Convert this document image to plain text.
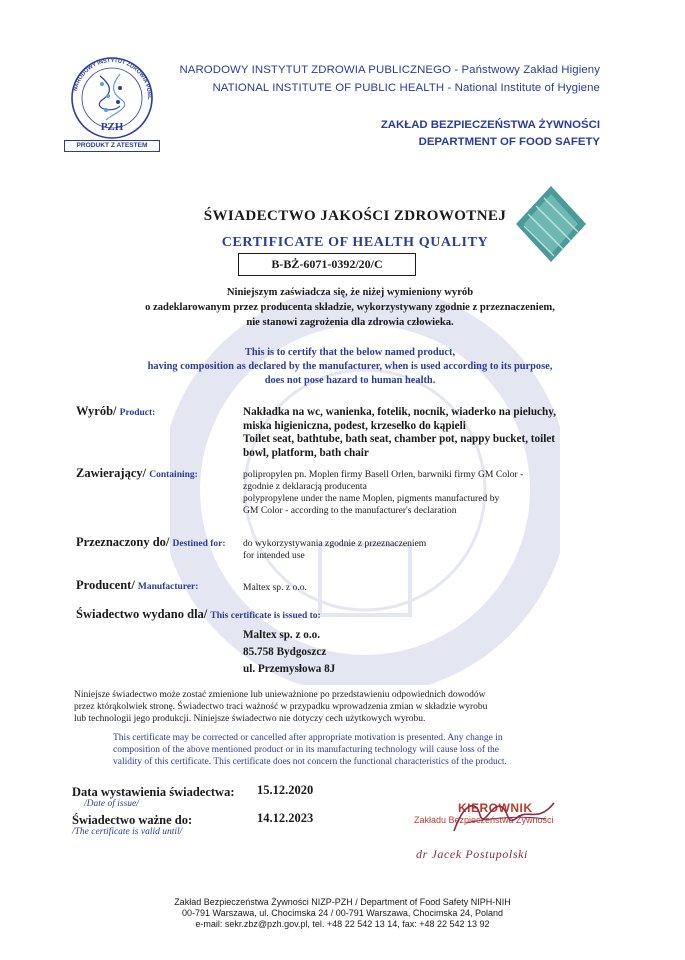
NARODOWY INSTYTUT ZDROWIA PUBL
PZH
PRODUKT Z ATESTEM
NARODOWY INSTYTUT ZDROWIA PUBLICZNEGO - Państwowy Zakład Higieny
NATIONAL INSTITUTE OF PUBLIC HEALTH - National Institute of Hygiene
ZAKŁAD BEZPIECZEŃSTWA ŻYWNOŚCI
DEPARTMENT OF FOOD SAFETY
ŚWIADECTWO JAKOŚCI ZDROWOTNEJ
CERTIFICATE OF HEALTH QUALITY
B-BŻ-6071-0392/20/C
Niniejszym zaświadcza się, że niżej wymieniony wyrób
o zadeklarowanym przez producenta składzie, wykorzystywany zgodnie z przeznaczeniem,
nie stanowi zagrożenia dla zdrowia człowieka.
This is to certify that the below named product,
having composition as declared by the manufacturer, when is used according to its purpose,
does not pose hazard to human health.
Wyrób/ Product:	Nakładka na wc, wanienka, fotelik, nocnik, wiaderko na pieluchy,
miska higieniczna, podest, krzesełko do kąpieli
Toilet seat, bathtube, bath seat, chamber pot, nappy bucket, toilet
bowl, platform, bath chair
Zawierający/ Containing:	polipropylen pn. Moplen firmy Basell Orlen, barwniki firmy GM Color -
zgodnie z deklaracją producenta
polypropylene under the name Moplen, pigments manufactured by
GM Color - according to the manufacturer's declaration
Przeznaczony do/ Destined for: do wykorzystywania zgodnie z przeznaczeniem
for intended use
Producent/ Manufacturer:	Maltex sp. z o.o.
Świadectwo wydano dla/ This certificate is issued to:
Maltex sp. z o.o.
85.758 Bydgoszcz
ul. Przemysłowa 8J
Niniejsze świadectwo może zostać zmienione lub unieważnione po przedstawieniu odpowiednich dowodów
przez którąkolwiek stronę. Świadectwo traci ważność w przypadku wprowadzenia zmian w składzie wyrobu
lub technologii jego produkcji. Niniejsze świadectwo nie dotyczy cech użytkowych wyrobu.
This certificate may be corrected or cancelled after appropriate motivation is presented. Any change in
composition of the above mentioned product or in its manufacturing technology will cause loss of the
validity of this certificate. This certificate does not concern the functional characteristics of the product.
Data wystawienia świadectwa: 15.12.2020
/Date of issue/
Świadectwo ważne do:	14.12.2023
/The certificate is valid until/
KIEROWNIK
Zakładu Bezpieczeństwa Żywności
dr Jacek Postupolski
Zakład Bezpieczeństwa Żywności NIZP-PZH / Department of Food Safety NIPH-NIH
00-791 Warszawa, ul. Chocimska 24 / 00-791 Warszawa, Chocimska 24, Poland
e-mail: sekr.zbz@pzh.gov.pl, tel. +48 22 542 13 14, fax: +48 22 542 13 92
